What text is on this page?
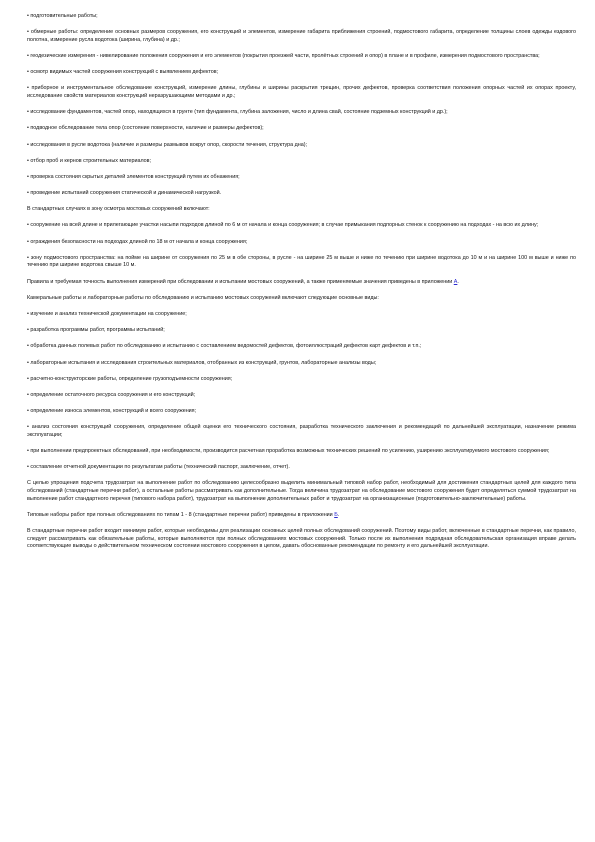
• подготовительные работы;

• обмерные работы: определение основных размеров сооружения, его конструкций и элементов, измерение габарита приближения строений, подмостового габарита, определение толщины слоев одежды ездового полотна, измерение русла водотока (ширина, глубина) и др.;

• геодезические измерения - нивелирование положения сооружения и его элементов (покрытия проезжей части, пролётных строений и опор) в плане и в профиле, измерения подмостового пространства;

• осмотр видимых частей сооружения конструкций с выявлением дефектов;

• приборное и инструментальное обследование конструкций, измерение длины, глубины и ширины раскрытия трещин, прочих дефектов, проверка соответствия положения опорных частей их опорах проекту, исследование свойств материалов конструкций неразрушающими методами и др.;

• исследование фундаментов, частей опор, находящихся в грунте (тип фундамента, глубина заложения, число и длина свай, состояние подземных конструкций и др.);

• подводное обследование тела опор (состояние поверхности, наличие и размеры дефектов);

• исследования в русле водотока (наличие и размеры размывов вокруг опор, скорости течения, структура дна);

• отбор проб и кернов строительных материалов;

• проверка состояния скрытых деталей элементов конструкций путем их обнажения;

• проведение испытаний сооружения статической и динамической нагрузкой.

В стандартных случаях в зону осмотра мостовых сооружений включают:

• сооружение на всей длине и прилегающие участки насыпи подходов длиной по 6 м от начала и конца сооружения; в случае примыкания подпорных стенок к сооружению на подходах - на всю их длину;

• ограждения безопасности на подходах длиной по 18 м от начала и конца сооружения;

• зону подмостового пространства: на пойме на ширине от сооружения по 25 м в обе стороны, в русле - на ширине 25 м выше и ниже по течению при ширине водотока до 10 м и на ширине 100 м выше и ниже по течению при ширине водотока свыше 10 м.

Правила и требуемая точность выполнения измерений при обследовании и испытании мостовых сооружений, а также применяемые значения приведены в приложении А.

Камеральные работы и лабораторные работы по обследованию и испытанию мостовых сооружений включают следующие основные виды:

• изучение и анализ технической документации на сооружение;

• разработка программы работ, программы испытаний;

• обработка данных полевых работ по обследованию и испытанию с составлением ведомостей дефектов, фотоиллюстраций дефектов карт дефектов и т.п.;

• лабораторные испытания и исследования строительных материалов, отобранных из конструкций, грунтов, лабораторные анализы воды;

• расчетно-конструкторские работы, определение грузоподъемности сооружения;

• определение остаточного ресурса сооружения и его конструкций;

• определение износа элементов, конструкций и всего сооружения;

• анализ состояния конструкций сооружения, определение общей оценки его технического состояния, разработка технического заключения и рекомендаций по дальнейшей эксплуатации, назначение режима эксплуатации;

• при выполнении предпроектных обследований, при необходимости, производится расчетная проработка возможных технических решений по усилению, уширению эксплуатируемого мостового сооружения;

• составление отчетной документации по результатам работы (технический паспорт, заключение, отчет).

С целью упрощения подсчета трудозатрат на выполнение работ по обследованию целесообразно выделить минимальный типовой набор работ, необходимый для достижения стандартных целей для каждого типа обследований (стандартные перечни работ), а остальные работы рассматривать как дополнительные. Тогда величина трудозатрат на обследование мостового сооружения будет определяться суммой трудозатрат на выполнение работ стандартного перечня (типового набора работ), трудозатрат на выполнение дополнительных работ и трудозатрат на организационные (подготовительно-заключительные) работы.

Типовые наборы работ при полных обследованиях по типам 1 - 8 (стандартные перечни работ) приведены в приложении Б.

В стандартные перечни работ входит минимум работ, которые необходимы для реализации основных целей полных обследований сооружений. Поэтому виды работ, включенные в стандартные перечни, как правило, следует рассматривать как обязательные работы, которые выполняются при полных обследованиях мостовых сооружений. Только после их выполнения подрядная обследовательская организация вправе делать соответствующие выводы о действительном техническом состоянии мостового сооружения в целом, давать обоснованные рекомендации по ремонту и его дальнейшей эксплуатации.
